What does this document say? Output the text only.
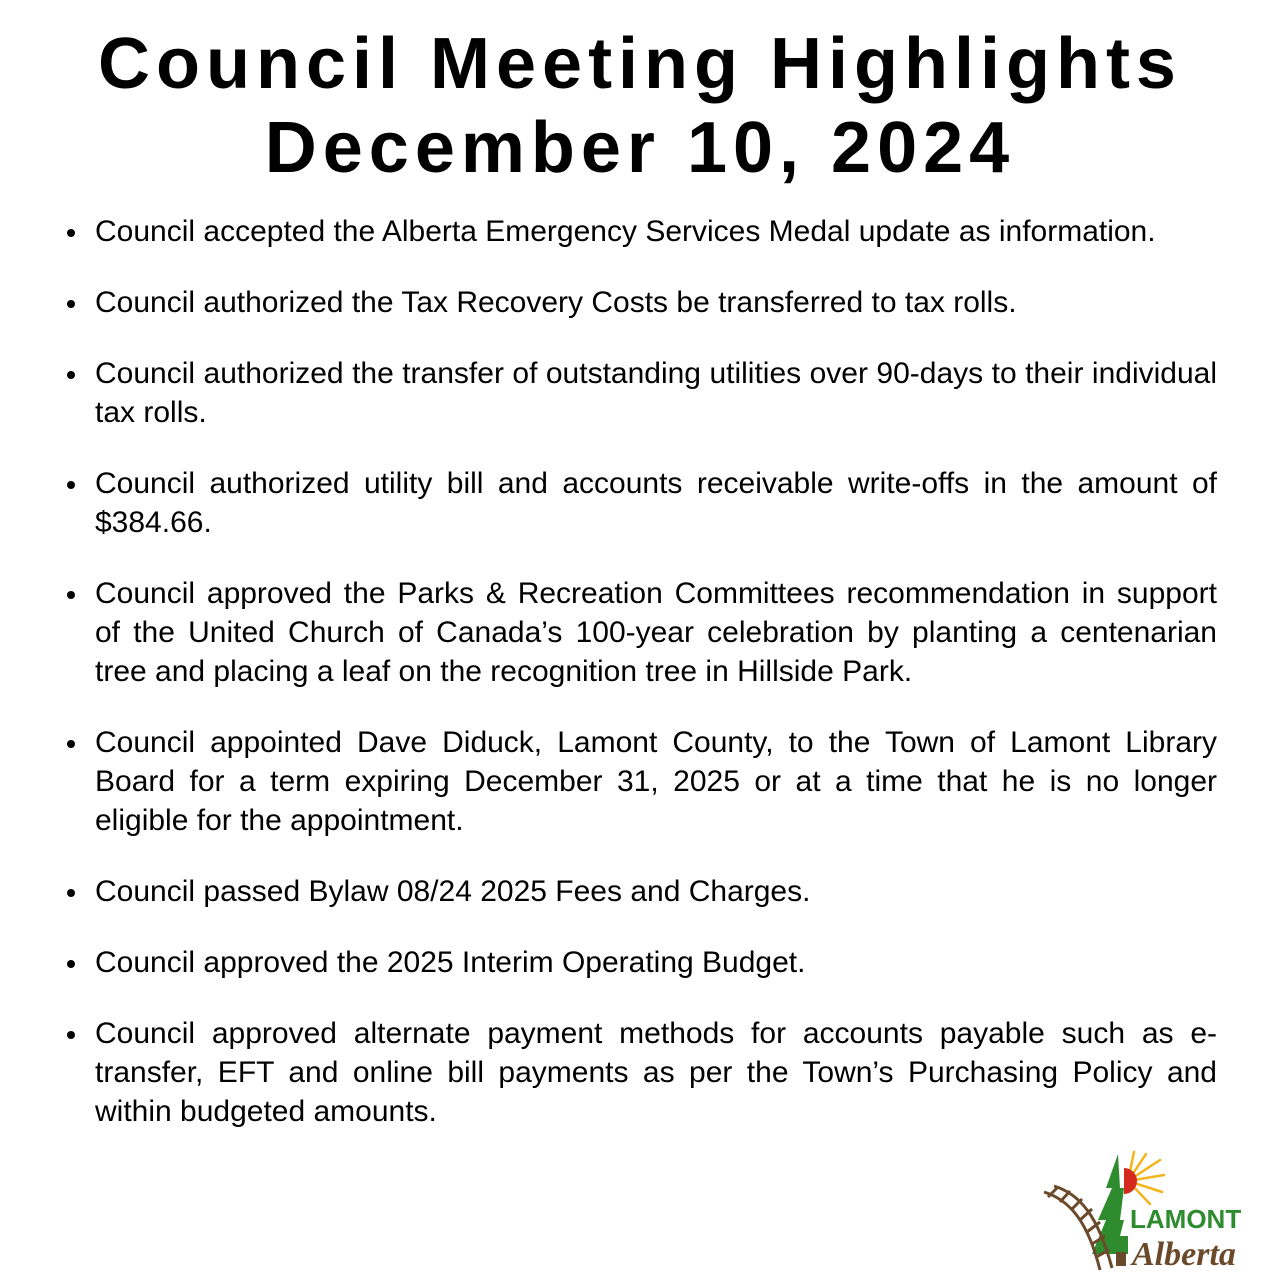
Council Meeting Highlights
December 10, 2024
Council accepted the Alberta Emergency Services Medal update as information.
Council authorized the Tax Recovery Costs be transferred to tax rolls.
Council authorized the transfer of outstanding utilities over 90-days to their individual tax rolls.
Council authorized utility bill and accounts receivable write-offs in the amount of $384.66.
Council approved the Parks & Recreation Committees recommendation in support of the United Church of Canada’s 100-year celebration by planting a centenarian tree and placing a leaf on the recognition tree in Hillside Park.
Council appointed Dave Diduck, Lamont County, to the Town of Lamont Library Board for a term expiring December 31, 2025 or at a time that he is no longer eligible for the appointment.
Council passed Bylaw 08/24 2025 Fees and Charges.
Council approved the 2025 Interim Operating Budget.
Council approved alternate payment methods for accounts payable such as e-transfer, EFT and online bill payments as per the Town’s Purchasing Policy and within budgeted amounts.
LAMONT
Alberta
